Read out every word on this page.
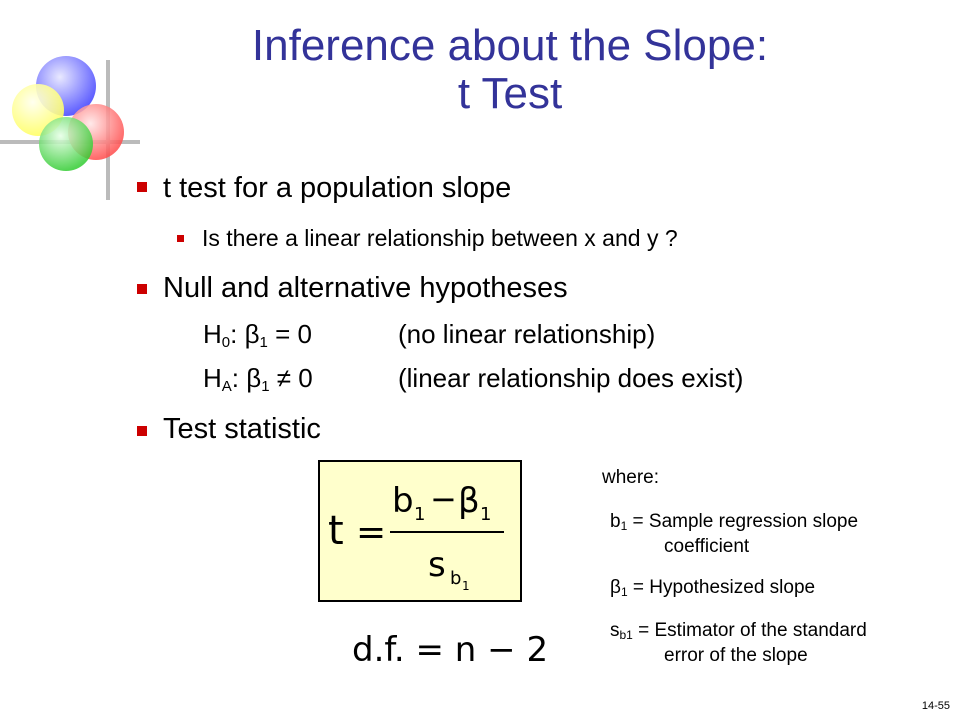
Inference about the Slope:
t Test
t test for a population slope
Is there a linear relationship between x and y ?
Null and alternative hypotheses
$H_0$: $\beta_1 = 0$	(no linear relationship)
$H_A$: $\beta_1 \ne 0$	(linear relationship does exist)
Test statistic
t =
b 1 − β 1
s b 1
d.f. = n − 2
where:
$b_1$ = Sample regression slope
coefficient
$\beta_1$ = Hypothesized slope
$s_{b1}$ = Estimator of the standard
error of the slope
14-55
